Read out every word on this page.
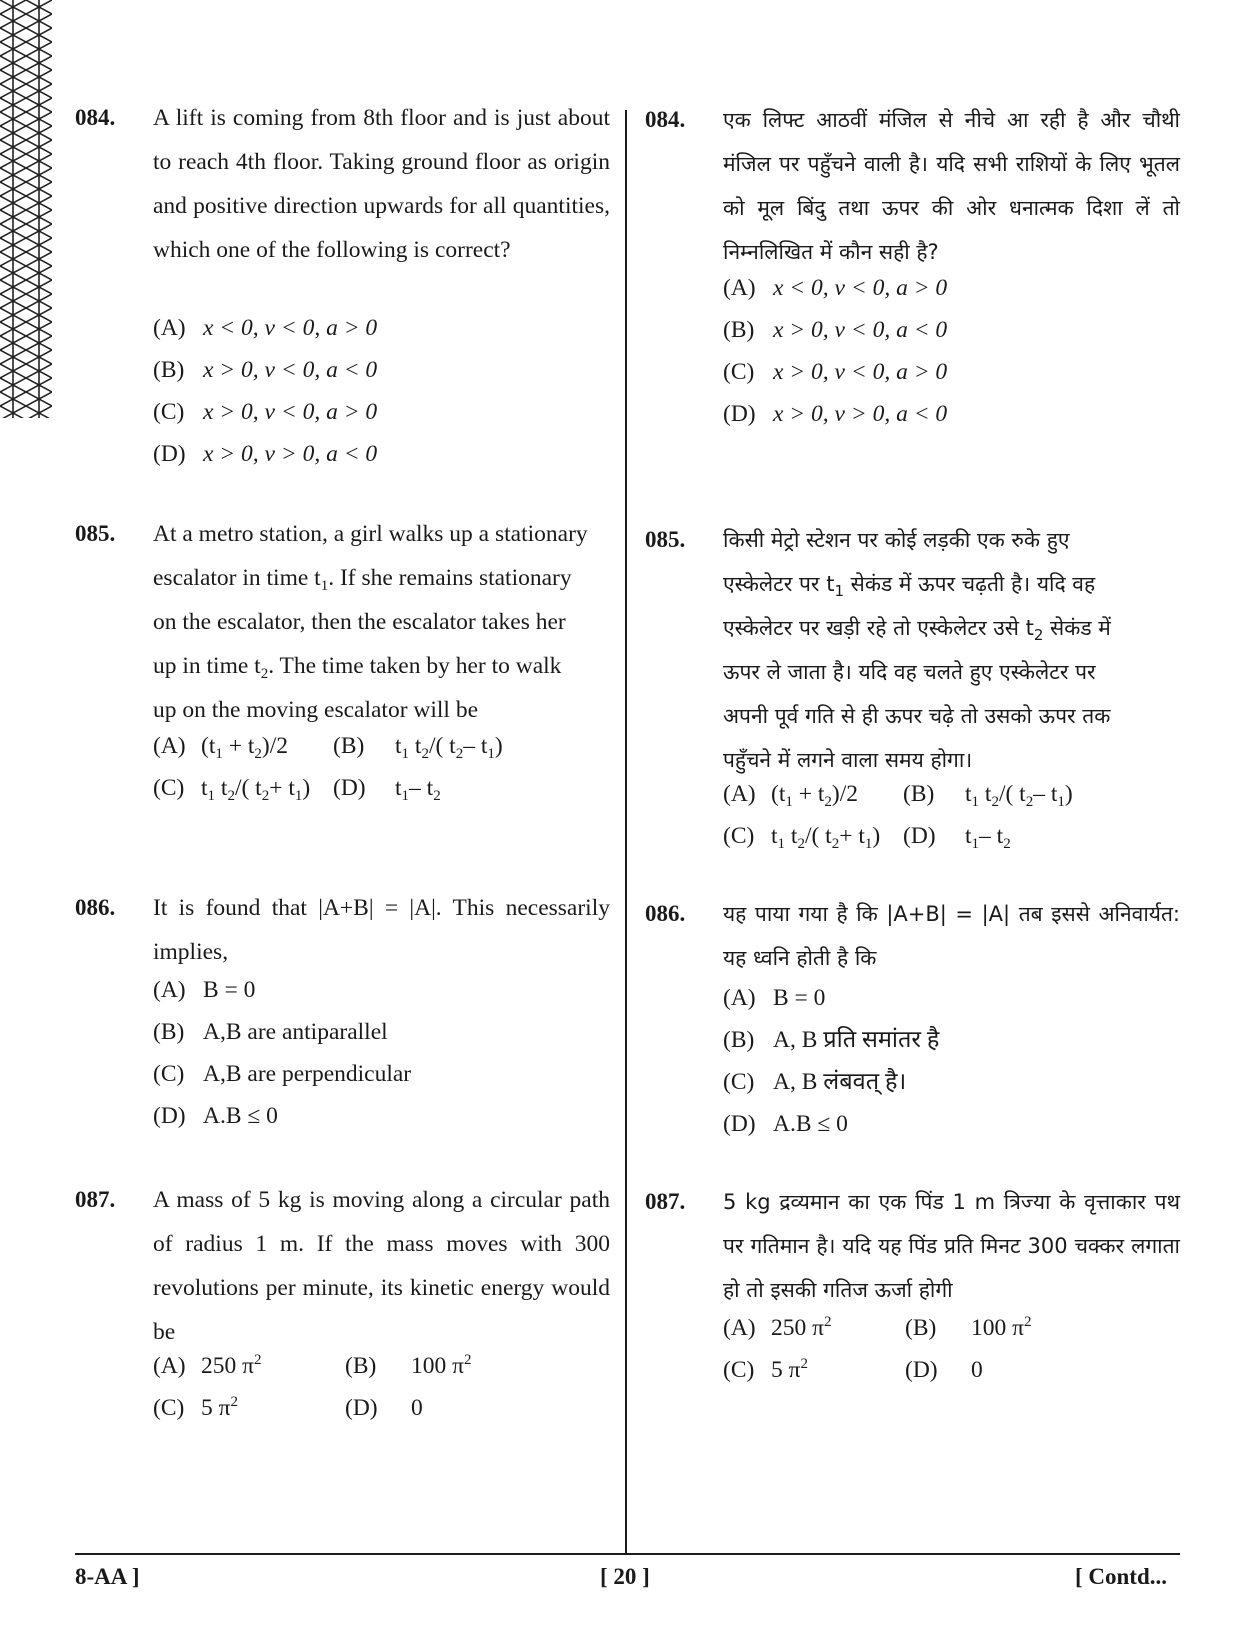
084. A lift is coming from 8th floor and is just about to reach 4th floor. Taking ground floor as origin and positive direction upwards for all quantities, which one of the following is correct?
(A) x < 0, v < 0, a > 0
(B) x > 0, v < 0, a < 0
(C) x > 0, v < 0, a > 0
(D) x > 0, v > 0, a < 0
085. At a metro station, a girl walks up a stationary
escalator in time $t_1$. If she remains stationary
on the escalator, then the escalator takes her
up in time $t_2$. The time taken by her to walk
up on the moving escalator will be
(A) $(t_1 + t_2)/2$ (B) $t_1$ $t_2/$( $t_2-$ $t_1$)
(C) $t_1$ $t_2/$( $t_2+ t_1$) (D) $t_1-$ $t_2$
086. It is found that |A+B| = |A|. This necessarily implies,
(A) B = 0
(B) A,B are antiparallel
(C) A,B are perpendicular
(D) A.B ≤ 0
087. A mass of 5 kg is moving along a circular path of radius 1 m. If the mass moves with 300 revolutions per minute, its kinetic energy would be
(A) 250 $\pi^2$	(B) 100 $\pi^2$
(C) 5 $\pi^2$	(D) 0
084. एक लिफ्ट आठवीं मंजिल से नीचे आ रही है और चौथी मंजिल पर पहुँचने वाली है। यदि सभी राशियों के लिए भूतल को मूल बिंदु तथा ऊपर की ओर धनात्मक दिशा लें तो निम्नलिखित में कौन सही है?
(A) x < 0, v < 0, a > 0
(B) x > 0, v < 0, a < 0
(C) x > 0, v < 0, a > 0
(D) x > 0, v > 0, a < 0
085. किसी मेट्रो स्टेशन पर कोई लड़की एक रुके हुए
एस्केलेटर पर $t_1$ सेकंड में ऊपर चढ़ती है। यदि वह
एस्केलेटर पर खड़ी रहे तो एस्केलेटर उसे $t_2$ सेकंड में
ऊपर ले जाता है। यदि वह चलते हुए एस्केलेटर पर
अपनी पूर्व गति से ही ऊपर चढ़े तो उसको ऊपर तक
पहुँचने में लगने वाला समय होगा।
(A) $(t_1 + t_2)/2$ (B) $t_1$ $t_2/$( $t_2-$ $t_1$)
(C) $t_1$ $t_2/$( $t_2+ t_1$) (D) $t_1-$ $t_2$
086. यह पाया गया है कि |A+B| = |A| तब इससे अनिवार्यत: यह ध्वनि होती है कि
(A) B = 0
(B) A, B प्रति समांतर है
(C) A, B लंबवत् है।
(D) A.B ≤ 0
087. 5 kg द्रव्यमान का एक पिंड 1 m त्रिज्या के वृत्ताकार पथ पर गतिमान है। यदि यह पिंड प्रति मिनट 300 चक्कर लगाता हो तो इसकी गतिज ऊर्जा होगी
(A) 250 $\pi^2$	(B) 100 $\pi^2$
(C) 5 $\pi^2$	(D) 0
8-AA ]	[ 20 ]	[ Contd...
